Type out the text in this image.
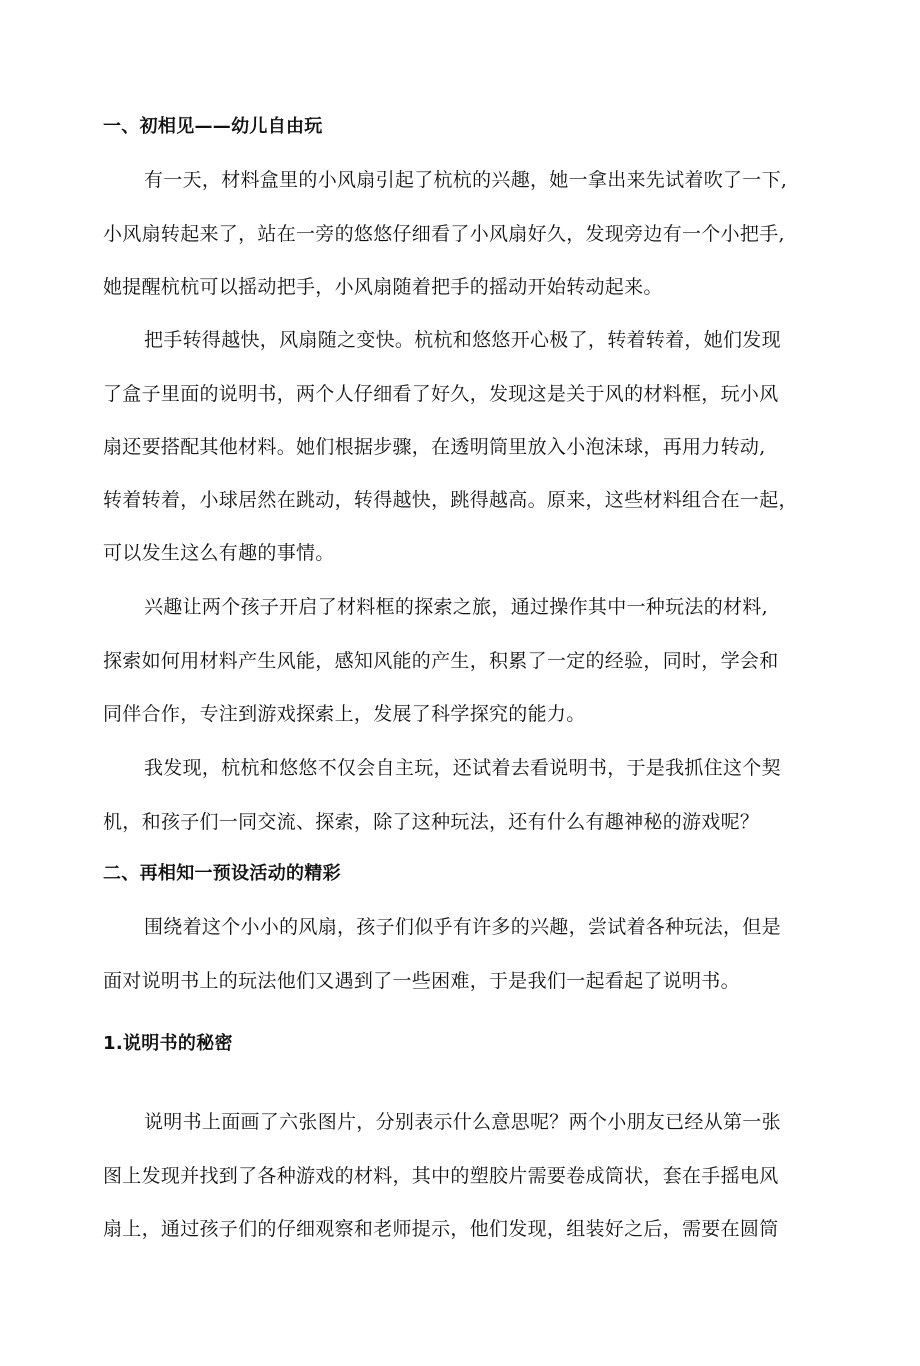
一、初相见——幼儿自由玩
有一天，材料盒里的小风扇引起了杭杭的兴趣，她一拿出来先试着吹了一下,
小风扇转起来了，站在一旁的悠悠仔细看了小风扇好久，发现旁边有一个小把手,
她提醒杭杭可以摇动把手，小风扇随着把手的摇动开始转动起来。
把手转得越快，风扇随之变快。杭杭和悠悠开心极了，转着转着，她们发现
了盒子里面的说明书，两个人仔细看了好久，发现这是关于风的材料框，玩小风
扇还要搭配其他材料。她们根据步骤，在透明筒里放入小泡沫球，再用力转动,
转着转着，小球居然在跳动，转得越快，跳得越高。原来，这些材料组合在一起，
可以发生这么有趣的事情。
兴趣让两个孩子开启了材料框的探索之旅，通过操作其中一种玩法的材料,
探索如何用材料产生风能，感知风能的产生，积累了一定的经验，同时，学会和
同伴合作，专注到游戏探索上，发展了科学探究的能力。
我发现，杭杭和悠悠不仅会自主玩，还试着去看说明书，于是我抓住这个契
机，和孩子们一同交流、探索，除了这种玩法，还有什么有趣神秘的游戏呢？
二、再相知一预设活动的精彩
围绕着这个小小的风扇，孩子们似乎有许多的兴趣，尝试着各种玩法，但是
面对说明书上的玩法他们又遇到了一些困难，于是我们一起看起了说明书。
1.说明书的秘密
说明书上面画了六张图片，分别表示什么意思呢？两个小朋友已经从第一张
图上发现并找到了各种游戏的材料，其中的塑胶片需要卷成筒状，套在手摇电风
扇上，通过孩子们的仔细观察和老师提示，他们发现，组装好之后，需要在圆筒
